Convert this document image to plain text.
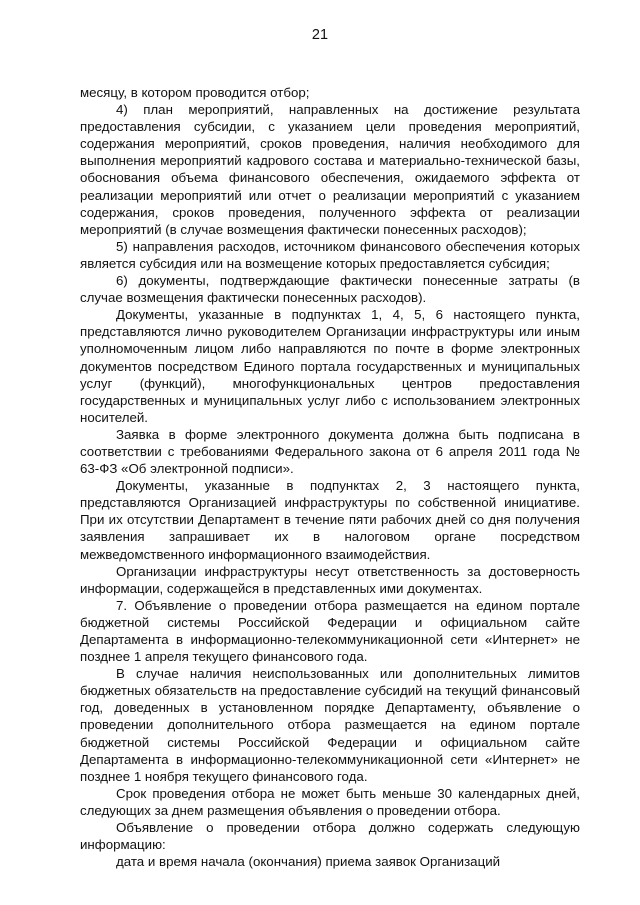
21

месяцу, в котором проводится отбор;

4) план мероприятий, направленных на достижение результата предоставления субсидии, с указанием цели проведения мероприятий, содержания мероприятий, сроков проведения, наличия необходимого для выполнения мероприятий кадрового состава и материально-технической базы, обоснования объема финансового обеспечения, ожидаемого эффекта от реализации мероприятий или отчет о реализации мероприятий с указанием содержания, сроков проведения, полученного эффекта от реализации мероприятий (в случае возмещения фактически понесенных расходов);

5) направления расходов, источником финансового обеспечения которых является субсидия или на возмещение которых предоставляется субсидия;

6) документы, подтверждающие фактически понесенные затраты (в случае возмещения фактически понесенных расходов).

Документы, указанные в подпунктах 1, 4, 5, 6 настоящего пункта, представляются лично руководителем Организации инфраструктуры или иным уполномоченным лицом либо направляются по почте в форме электронных документов посредством Единого портала государственных и муниципальных услуг (функций), многофункциональных центров предоставления государственных и муниципальных услуг либо с использованием электронных носителей.

Заявка в форме электронного документа должна быть подписана в соответствии с требованиями Федерального закона от 6 апреля 2011 года № 63-ФЗ «Об электронной подписи».

Документы, указанные в подпунктах 2, 3 настоящего пункта, представляются Организацией инфраструктуры по собственной инициативе. При их отсутствии Департамент в течение пяти рабочих дней со дня получения заявления запрашивает их в налоговом органе посредством межведомственного информационного взаимодействия.

Организации инфраструктуры несут ответственность за достоверность информации, содержащейся в представленных ими документах.

7. Объявление о проведении отбора размещается на едином портале бюджетной системы Российской Федерации и официальном сайте Департамента в информационно-телекоммуникационной сети «Интернет» не позднее 1 апреля текущего финансового года.

В случае наличия неиспользованных или дополнительных лимитов бюджетных обязательств на предоставление субсидий на текущий финансовый год, доведенных в установленном порядке Департаменту, объявление о проведении дополнительного отбора размещается на едином портале бюджетной системы Российской Федерации и официальном сайте Департамента в информационно-телекоммуникационной сети «Интернет» не позднее 1 ноября текущего финансового года.

Срок проведения отбора не может быть меньше 30 календарных дней, следующих за днем размещения объявления о проведении отбора.

Объявление о проведении отбора должно содержать следующую информацию:

дата и время начала (окончания) приема заявок Организаций
